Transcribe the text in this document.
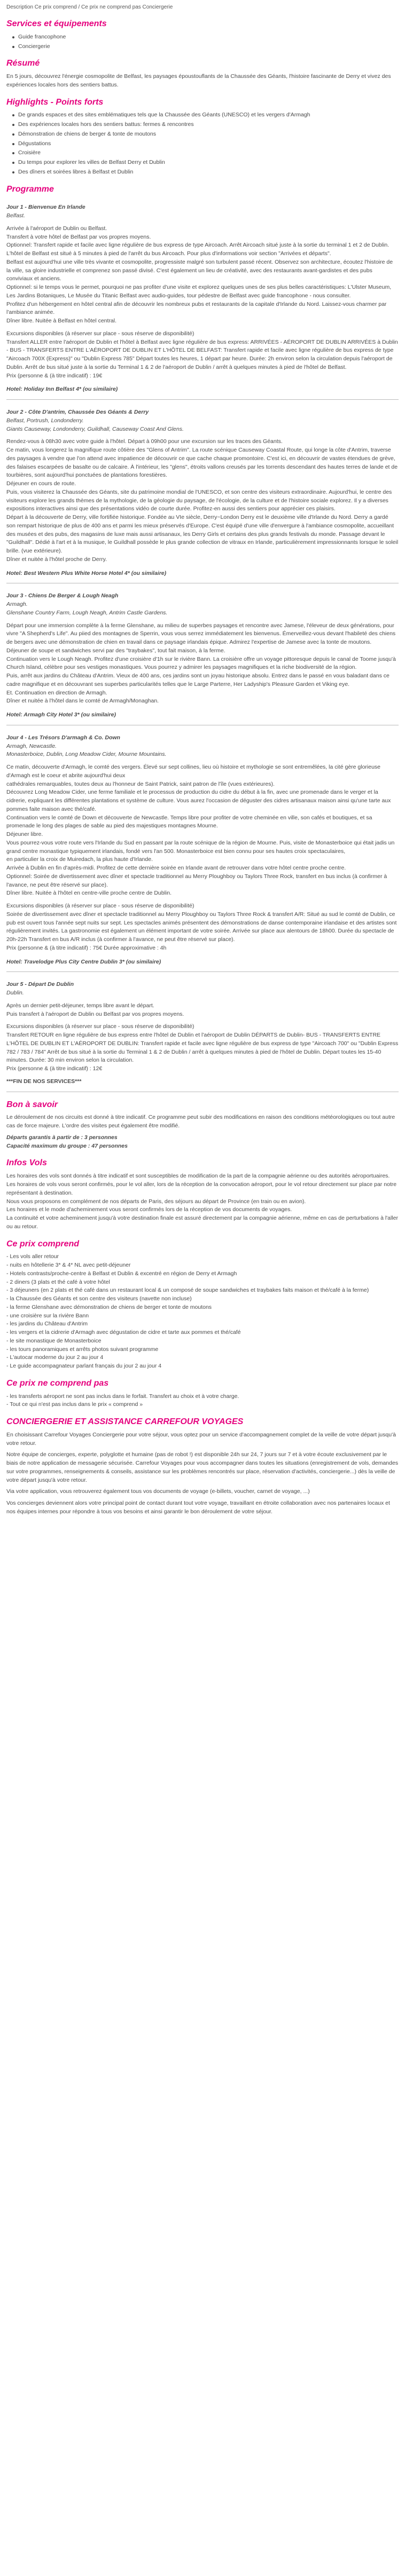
Description Ce prix comprend / Ce prix ne comprend pas Conciergerie

Services et équipements
Guide francophone
Conciergerie
Résumé

En 5 jours, découvrez l'énergie cosmopolite de Belfast, les paysages époustouflants de la Chaussée des Géants, l'histoire fascinante de Derry et vivez des expériences locales hors des sentiers battus.

Highlights - Points forts
De grands espaces et des sites emblématiques tels que la Chaussée des Géants (UNESCO) et les vergers d'Armagh
Des expériences locales hors des sentiers battus: fermes & rencontres
Démonstration de chiens de berger & tonte de moutons
Dégustations
Croisière
Du temps pour explorer les villes de Belfast Derry et Dublin
Des dîners et soirées libres à Belfast et Dublin
Programme
Jour 1 - Bienvenue En Irlande
Belfast.
Arrivée à l'aéroport de Dublin ou Belfast.
Transfert à votre hôtel de Belfast par vos propres moyens.
Optionnel: Transfert rapide et facile avec ligne régulière de bus express de type Aircoach. Arrêt Aircoach situé juste à la sortie du terminal 1 et 2 de Dublin. L'hôtel de Belfast est situé à 5 minutes à pied de l'arrêt du bus Aircoach. Pour plus d'informations voir section "Arrivées et départs".
Belfast est aujourd'hui une ville très vivante et cosmopolite, progressiste malgré son turbulent passé récent. Observez son architecture, écoutez l'histoire de la ville, sa gloire industrielle et comprenez son passé divisé. C'est également un lieu de créativité, avec des restaurants avant-gardistes et des pubs conviviaux et anciens.
Optionnel: si le temps vous le permet, pourquoi ne pas profiter d'une visite et explorez quelques unes de ses plus belles caractéristiques: L'Ulster Museum, Les Jardins Botaniques, Le Musée du Titanic Belfast avec audio-guides, tour pédestre de Belfast avec guide francophone - nous consulter.
Profitez d'un hébergement en hôtel central afin de découvrir les nombreux pubs et restaurants de la capitale d'Irlande du Nord. Laissez-vous charmer par l'ambiance animée.
Dîner libre. Nuitée à Belfast en hôtel central.
Excursions disponibles (à réserver sur place - sous réserve de disponibilité)
Transfert ALLER entre l'aéroport de Dublin et l'hôtel à Belfast avec ligne régulière de bus express: ARRIVÉES - AÉROPORT DE DUBLIN ARRIVÉES à Dublin - BUS - TRANSFERTS ENTRE L'AÉROPORT DE DUBLIN ET L'HÔTEL DE BELFAST: Transfert rapide et facile avec ligne régulière de bus express de type "Aircoach 700X (Express)" ou "Dublin Express 785" Départ toutes les heures, 1 départ par heure. Durée: 2h environ selon la circulation depuis l'aéroport de Dublin. Arrêt de bus situé juste à la sortie du Terminal 1 & 2 de l'aéroport de Dublin / arrêt à quelques minutes à pied de l'hôtel de Belfast.
Prix (personne & (à titre indicatif) : 19€
Hotel: Holiday Inn Belfast 4* (ou similaire)
Jour 2 - Côte D'antrim, Chaussée Des Géants & Derry
Belfast, Portrush, Londonderry.
Giants Causeway, Londonderry, Guildhall, Causeway Coast And Glens.
Rendez-vous à 08h30 avec votre guide à l'hôtel. Départ à 09h00 pour une excursion sur les traces des Géants.
Ce matin, vous longerez la magnifique route côtière des "Glens of Antrim". La route scénique Causeway Coastal Route, qui longe la côte d'Antrim, traverse des paysages à vendre que l'on attend avec impatience de découvrir ce que cache chaque promontoire. C'est ici, en découvrir de vastes étendues de grève, des falaises escarpées de basalte ou de calcaire. À l'intérieur, les "glens", étroits vallons creusés par les torrents descendant des hautes terres de lande et de tourbières, sont aujourd'hui ponctuées de plantations forestières.
Déjeuner en cours de route.
Puis, vous visiterez la Chaussée des Géants, site du patrimoine mondial de l'UNESCO, et son centre des visiteurs extraordinaire. Aujourd'hui, le centre des visiteurs explore les grands thèmes de la mythologie, de la géologie du paysage, de l'écologie, de la culture et de l'histoire sociale explorez. Il y a diverses expositions interactives ainsi que des présentations vidéo de courte durée. Profitez-en aussi des sentiers pour apprécier ces plaisirs.
Départ à la découverte de Derry, ville fortifiée historique. Fondée au VIe siècle, Derry~London Derry est le deuxième ville d'Irlande du Nord. Derry a gardé son rempart historique de plus de 400 ans et parmi les mieux préservés d'Europe. C'est équipé d'une ville d'envergure à l'ambiance cosmopolite, accueillant des musées et des pubs, des magasins de luxe mais aussi artisanaux, les Derry Girls et certains des plus grands festivals du monde. Passage devant le "Guildhall". Dédié à l'art et à la musique, le Guildhall possède le plus grande collection de vitraux en Irlande, particulièrement impressionnants lorsque le soleil brille. (vue extérieure).
Dîner et nuitée à l'hôtel proche de Derry.
Hotel: Best Western Plus White Horse Hotel 4* (ou similaire)
Jour 3 - Chiens De Berger & Lough Neagh
Armagh.
Glenshane Country Farm, Lough Neagh, Antrim Castle Gardens.
Départ pour une immersion complète à la ferme Glenshane, au milieu de superbes paysages et rencontre avec Jamese, l'éleveur de deux générations, pour vivre "A Shepherd's Life". Au piied des montagnes de Sperrin, vous vous serrez immédiatement les bienvenus. Émerveillez-vous devant l'habileté des chiens de bergers avec une démonstration de chien en travail dans ce paysage irlandais épique. Admirez l'expertise de Jamese avec la tonte de moutons.
Déjeuner de soupe et sandwiches servi par des "traybakes", tout fait maison, à la ferme.
Continuation vers le Lough Neagh. Profitez d'une croisière d'1h sur le rivière Bann. La croisière offre un voyage pittoresque depuis le canal de Toome jusqu'à Church Island, célèbre pour ses vestiges monastiques. Vous pourrez y admirer les paysages magnifiques et la riche biodiversité de la région.
Puis, arrêt aux jardins du Château d'Antrim. Vieux de 400 ans, ces jardins sont un joyau historique absolu. Entrez dans le passé en vous baladant dans ce cadre magnifique et en découvrant ses superbes particularités telles que le Large Parterre, Her Ladyship's Pleasure Garden et Viking eye.
Et. Continuation en direction de Armagh.
Dîner et nuitée à l'hôtel dans le comté de Armagh/Monaghan.
Hotel: Armagh City Hotel 3* (ou similaire)
Jour 4 - Les Trésors D'armagh & Co. Down
Armagh, Newcastle.
Monasterboice, Dublin, Long Meadow Cider, Mourne Mountains.
Ce matin, découverte d'Armagh, le comté des vergers. Élevé sur sept collines, lieu où histoire et mythologie se sont entremêlées, la cité gère glorieuse d'Armagh est le coeur et abrite aujourd'hui deux
cathédrales remarquables, toutes deux au l'honneur de Saint Patrick, saint patron de l'île (vues extérieures).
Découvrez Long Meadow Cider, une ferme familiale et le processus de production du cidre du début à la fin, avec une promenade dans le verger et la cidrerie, expliquant les différentes plantations et système de culture. Vous aurez l'occasion de déguster des cidres artisanaux maison ainsi qu'une tarte aux pommes faite maison avec thé/café.
Continuation vers le comté de Down et découverte de Newcastle. Temps libre pour profiter de votre cheminée en ville, son cafés et boutiques, et sa promenade le long des plages de sable au pied des majestiques montagnes Mourne.
Déjeuner libre.
Vous pourrez-vous votre route vers l'Irlande du Sud en passant par la route scénique de la région de Mourne. Puis, visite de Monasterboice qui était jadis un grand centre monastique typiquement irlandais, fondé vers l'an 500. Monasterboice est bien connu pour ses hautes croix spectaculaires,
en particulier la croix de Muiredach, la plus haute d'Irlande.
Arrivée à Dublin en fin d'après-midi. Profitez de cette dernière soirée en Irlande avant de retrouver dans votre hôtel centre proche centre.
Optionnel: Soirée de divertissement avec dîner et spectacle traditionnel au Merry Ploughboy ou Taylors Three Rock, transfert en bus inclus (à confirmer à l'avance, ne peut être réservé sur place).
Dîner libre. Nuitée à l'hôtel en centre-ville proche centre de Dublin.
Excursions disponibles (à réserver sur place - sous réserve de disponibilité)
Soirée de divertissement avec dîner et spectacle traditionnel au Merry Ploughboy ou Taylors Three Rock & transfert A/R: Situé au sud le comté de Dublin, ce pub est ouvert tous l'année sept nuits sur sept. Les spectacles animés présentent des démonstrations de danse contemporaine irlandaise et des artistes sont régulièrement invités. La gastronomie est également un élément important de votre soirée. Arrivée sur place aux alentours de 18h00. Durée du spectacle de 20h-22h Transfert en bus A/R inclus (à confirmer à l'avance, ne peut être réservé sur place).
Prix (personne & (à titre indicatif) : 75€ Durée approximative : 4h
Hotel: Travelodge Plus City Centre Dublin 3* (ou similaire)
Jour 5 - Départ De Dublin
Dublin.
Après un dernier petit-déjeuner, temps libre avant le départ.
Puis transfert à l'aéroport de Dublin ou Belfast par vos propres moyens.
Excursions disponibles (à réserver sur place - sous réserve de disponibilité)
Transfert RETOUR en ligne régulière de bus express entre l'hôtel de Dublin et l'aéroport de Dublin DÉPARTS de Dublin- BUS - TRANSFERTS ENTRE L'HÔTEL DE DUBLIN ET L'AÉROPORT DE DUBLIN: Transfert rapide et facile avec ligne régulière de bus express de type "Aircoach 700" ou "Dublin Express 782 / 783 / 784" Arrêt de bus situé à la sortie du Terminal 1 & 2 de Dublin / arrêt à quelques minutes à pied de l'hôtel de Dublin. Départ toutes les 15-40 minutes. Durée: 30 min environ selon la circulation.
Prix (personne & (à titre indicatif) : 12€
***FIN DE NOS SERVICES***
Bon à savoir

Le déroulement de nos circuits est donné à titre indicatif. Ce programme peut subir des modifications en raison des conditions météorologiques ou tout autre cas de force majeure. L'ordre des visites peut également être modifié.

Départs garantis à partir de : 3 personnes

Capacité maximum du groupe : 47 personnes

Infos Vols

Les horaires des vols sont donnés à titre indicatif et sont susceptibles de modification de la part de la compagnie aérienne ou des autorités aéroportuaires.
Les horaires de vols vous seront confirmés, pour le vol aller, lors de la réception de la convocation aéroport, pour le vol retour directement sur place par notre représentant à destination.
Nous vous proposons en complément de nos départs de Paris, des séjours au départ de Province (en train ou en avion).
Les horaires et le mode d'acheminement vous seront confirmés lors de la réception de vos documents de voyages.
La continuité et votre acheminement jusqu'à votre destination finale est assuré directement par la compagnie aérienne, même en cas de perturbations à l'aller ou au retour.

Ce prix comprend
- Les vols aller retour
- nuits en hôtellerie 3* & 4* NL avec petit-déjeuner
- Hotels contrasts/proche-centre à Belfast et Dublin & excentré en région de Derry et Armagh
- 2 diners (3 plats et thé café à votre hôtel
- 3 déjeuners (en 2 plats et thé café dans un restaurant local & un composé de soupe sandwiches et traybakes faits maison et thé/café à la ferme)
- la Chaussée des Géants et son centre des visiteurs (navette non incluse)
- la ferme Glenshane avec démonstration de chiens de berger et tonte de moutons
- une croisière sur la rivière Bann
- les jardins du Château d'Antrim
- les vergers et la cidrerie d'Armagh avec dégustation de cidre et tarte aux pommes et thé/café
- le site monastique de Monasterboice
- les tours panoramiques et arrêts photos suivant programme
- L'autocar moderne du jour 2 au jour 4
- Le guide accompagnateur parlant français du jour 2 au jour 4
Ce prix ne comprend pas
- les transferts aéroport ne sont pas inclus dans le forfait. Transfert au choix et à votre charge.
- Tout ce qui n'est pas inclus dans le prix « comprend »
CONCIERGERIE ET ASSISTANCE CARREFOUR VOYAGES

En choisissant Carrefour Voyages Conciergerie pour votre séjour, vous optez pour un service d'accompagnement complet de la veille de votre départ jusqu'à votre retour.

Notre équipe de concierges, experte, polyglotte et humaine (pas de robot !) est disponible 24h sur 24, 7 jours sur 7 et à votre écoute exclusivement par le biais de notre application de messagerie sécurisée. Carrefour Voyages pour vous accompagner dans toutes les situations (enregistrement de vols, demandes sur votre programmes, renseignements & conseils, assistance sur les problèmes rencontrés sur place, réservation d'activités, conciergerie...) dès la veille de votre départ jusqu'à votre retour.

Via votre application, vous retrouverez également tous vos documents de voyage (e-billets, voucher, carnet de voyage, ...)

Vos concierges deviennent alors votre principal point de contact durant tout votre voyage, travaillant en étroite collaboration avec nos partenaires locaux et nos équipes internes pour répondre à tous vos besoins et ainsi garantir le bon déroulement de votre séjour.
